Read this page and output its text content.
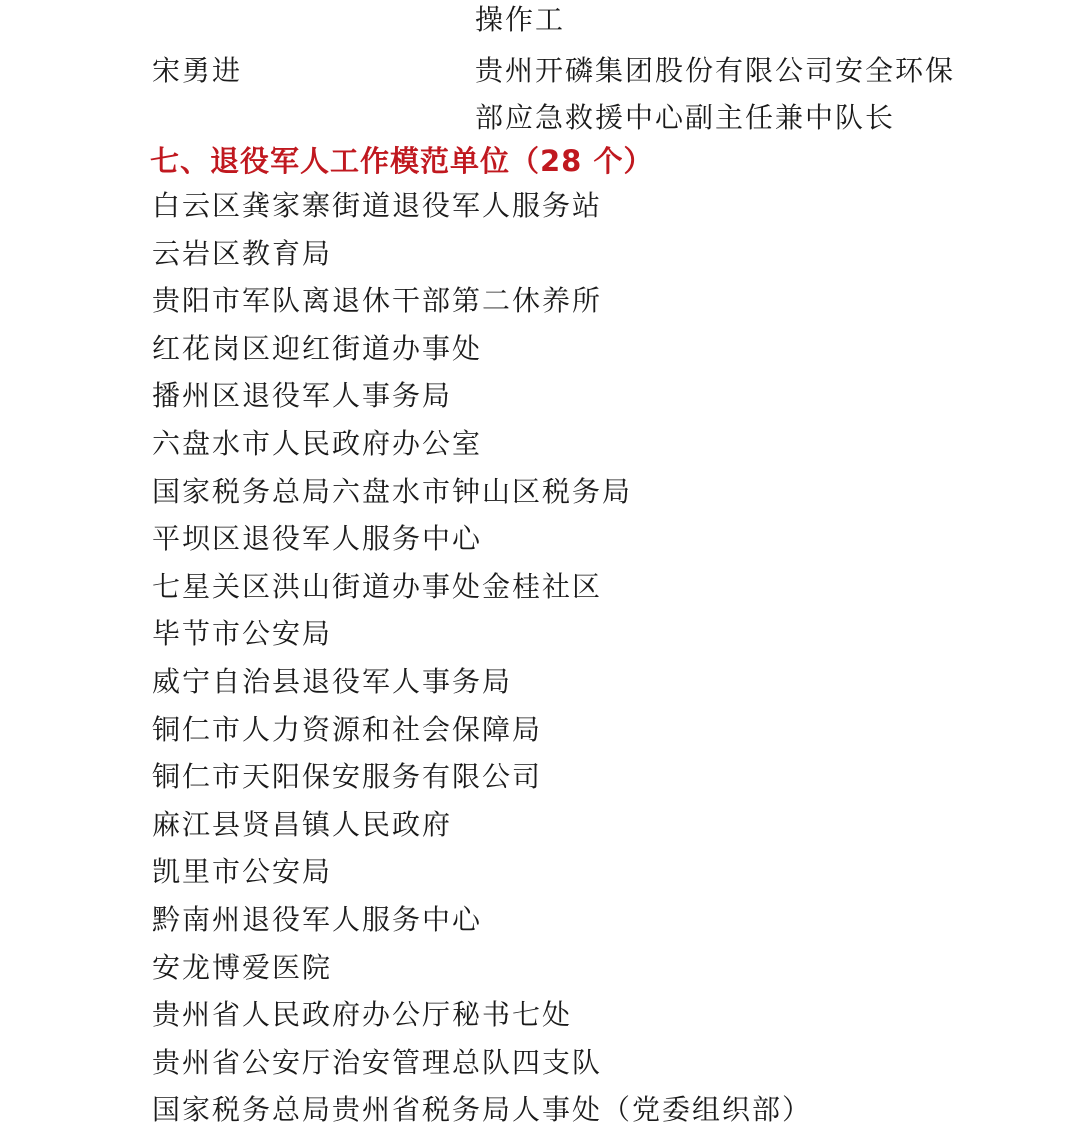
操作工
宋勇进	贵州开磷集团股份有限公司安全环保
部应急救援中心副主任兼中队长
七、退役军人工作模范单位（28 个）
白云区龚家寨街道退役军人服务站
云岩区教育局
贵阳市军队离退休干部第二休养所
红花岗区迎红街道办事处
播州区退役军人事务局
六盘水市人民政府办公室
国家税务总局六盘水市钟山区税务局
平坝区退役军人服务中心
七星关区洪山街道办事处金桂社区
毕节市公安局
威宁自治县退役军人事务局
铜仁市人力资源和社会保障局
铜仁市天阳保安服务有限公司
麻江县贤昌镇人民政府
凯里市公安局
黔南州退役军人服务中心
安龙博爱医院
贵州省人民政府办公厅秘书七处
贵州省公安厅治安管理总队四支队
国家税务总局贵州省税务局人事处（党委组织部）
